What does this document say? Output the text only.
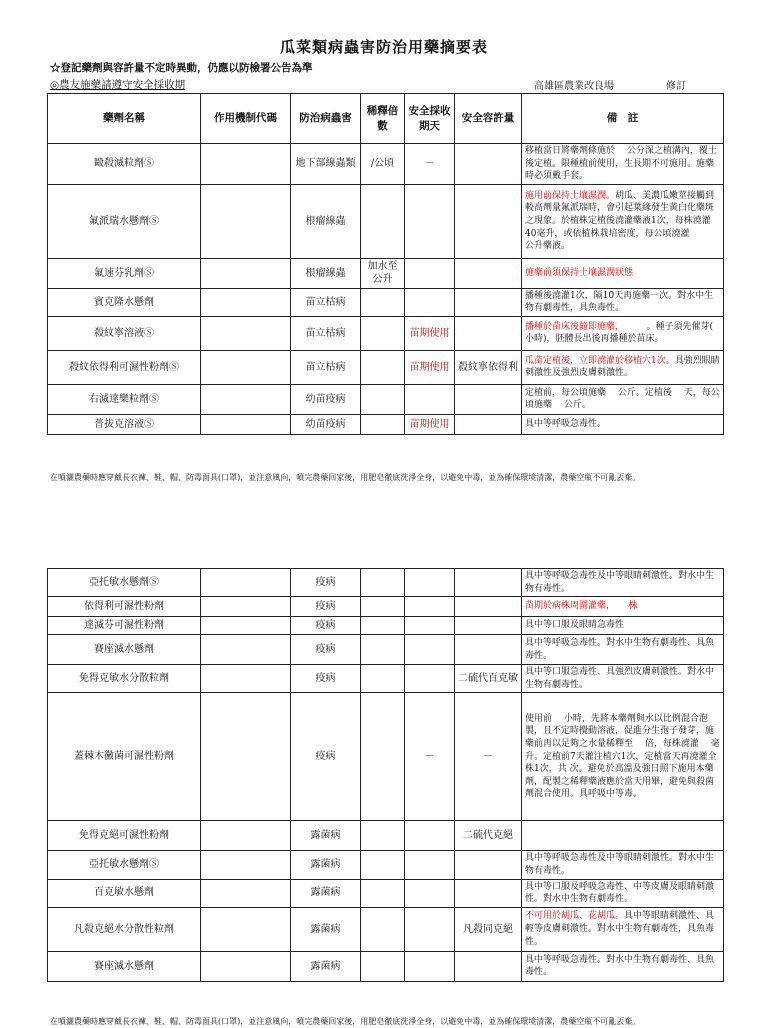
瓜菜類病蟲害防治用藥摘要表
☆登記藥劑與容許量不定時異動，仍應以防檢署公告為準
◎農友施藥請遵守安全採收期	高雄區農業改良場	修訂
藥劑名稱	作用機制代碼	防治病蟲害	稀釋倍數	安全採收期天	安全容許量	備　註
毆殺滅粒劑Ⓢ		地下部線蟲類	/公頃	－		移植當日將藥劑條施於　 公分深之植溝內，覆土後定植。限種植前使用，生長期不可施用。施藥時必須戴手套。
氟派瑞水懸劑Ⓢ		根瘤線蟲				施用前保持土壤濕潤。胡瓜、美濃瓜嫩莖接觸到較高劑量氟派瑞時，會引起葉緣發生黃白化藥斑之現象。於植株定植後澆灌藥液1次，每株澆灌40毫升，或依植株栽培密度，每公頃澆灌　　　公升藥液。
氟速芬乳劑Ⓢ		根瘤線蟲	加水至　　公升			施藥前須保持土壤濕潤狀態
賓克隆水懸劑		苗立枯病				播種後澆灌1次，隔10天再施藥一次。對水中生物有劇毒性，具魚毒性。
殺紋寧溶液Ⓢ		苗立枯病		苗期使用		播種於苗床後隨即施藥，　　　。種子須先催芽(　 小時)，胚體長出後再播種於苗床。
殺紋依得利可濕性粉劑Ⓢ		苗立枯病		苗期使用	殺紋寧依得利	瓜苗定植後，立即澆灌於移植穴1次。具強烈眼睛刺激性及強烈皮膚刺激性。
右滅達樂粒劑Ⓢ		幼苗疫病				定植前，每公頃施藥　 公斤。定植後　 天，每公頃施藥　 公斤。
普拔克溶液Ⓢ		幼苗疫病		苗期使用		具中等呼吸急毒性。
在噴灑農藥時應穿戴長衣褲、鞋、帽、防毒面具(口罩)，並注意風向，噴完農藥回家後，用肥皂徹底洗淨全身，以避免中毒，並為確保環境清潔，農藥空瓶不可亂丟棄。
亞托敏水懸劑Ⓢ		疫病				具中等呼吸急毒性及中等眼睛刺激性。對水中生物有毒性。
依得利可濕性粉劑		疫病				苗期於病株周圍灌藥，　　株
達滅芬可濕性粉劑		疫病				具中等口服及眼睛急毒性
賽座滅水懸劑		疫病				具中等呼吸急毒性。對水中生物有劇毒性、具魚毒性。
免得克敏水分散粒劑		疫病			二硫代百克敏	具中等口服急毒性、具強烈皮膚刺激性。對水中生物有劇毒性。
蓋棘木黴菌可濕性粉劑		疫病		－	－	使用前　 小時，先將本藥劑與水以比例混合泡製，且不定時攪動溶液，促進分生孢子發芽，施藥前再以足夠之水量稀釋至　 倍，每株澆灌　 毫升。定植前7天灌注植穴1次，定植當天再澆灌全株1次，共 次。避免於高溫及強日照下施用本藥劑，配製之稀釋藥液應於當天用畢，避免與殺菌劑混合使用。具呼吸中等毒。
免得克絕可濕性粉劑		露菌病			二硫代克絕	
亞托敏水懸劑Ⓢ		露菌病				具中等呼吸急毒性及中等眼睛刺激性。對水中生物有毒性。
百克敏水懸劑		露菌病				具中等口服及呼吸急毒性、中等皮膚及眼睛刺激性。對水中生物有劇毒性。
凡殺克絕水分散性粒劑		露菌病			凡殺同克絕	不可用於胡瓜、花胡瓜。具中等眼睛刺激性、具輕等皮膚刺激性。對水中生物有劇毒性，具魚毒性。
賽座滅水懸劑		露菌病				具中等呼吸急毒性。對水中生物有劇毒性、具魚毒性。
在噴灑農藥時應穿戴長衣褲、鞋、帽、防毒面具(口罩)，並注意風向，噴完農藥回家後，用肥皂徹底洗淨全身，以避免中毒，並為確保環境清潔，農藥空瓶不可亂丟棄。
